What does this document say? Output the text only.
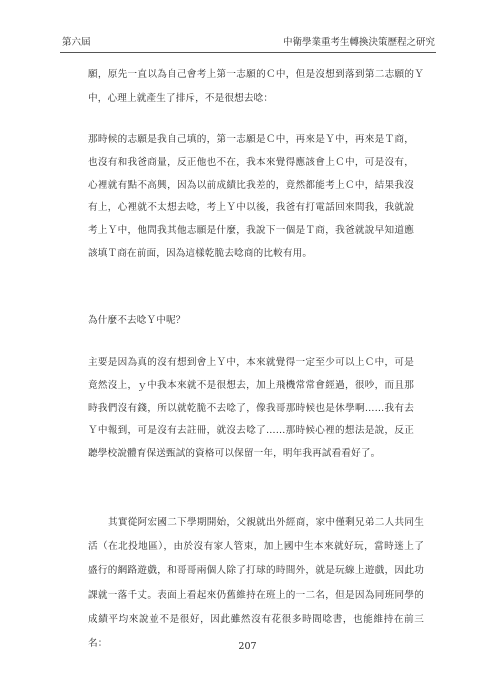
第六屆	中衛學業重考生轉換決策歷程之研究

願，原先一直以為自己會考上第一志願的Ｃ中，但是沒想到落到第二志願的Ｙ中，心理上就產生了排斥，不是很想去唸：

那時候的志願是我自己填的，第一志願是Ｃ中，再來是Ｙ中，再來是Ｔ商，也沒有和我爸商量，反正他也不在，我本來覺得應該會上Ｃ中，可是沒有，心裡就有點不高興，因為以前成績比我差的，竟然都能考上Ｃ中，結果我沒有上，心裡就不太想去唸，考上Ｙ中以後，我爸有打電話回來問我，我就說考上Ｙ中，他問我其他志願是什麼，我說下一個是Ｔ商，我爸就說早知道應該填Ｔ商在前面，因為這樣乾脆去唸商的比較有用。

為什麼不去唸Ｙ中呢？

主要是因為真的沒有想到會上Ｙ中，本來就覺得一定至少可以上Ｃ中，可是竟然沒上，ｙ中我本來就不是很想去，加上飛機常常會經過，很吵，而且那時我們沒有錢，所以就乾脆不去唸了，像我哥那時候也是休學啊……我有去Ｙ中報到，可是沒有去註冊，就沒去唸了……那時候心裡的想法是說，反正聽學校說體育保送甄試的資格可以保留一年，明年我再試看看好了。

其實從阿宏國二下學期開始，父親就出外經商，家中僅剩兄弟二人共同生活（在北投地區），由於沒有家人管束，加上國中生本來就好玩，當時迷上了盛行的網路遊戲，和哥哥兩個人除了打球的時間外，就是玩線上遊戲，因此功課就一落千丈。表面上看起來仍舊維持在班上的一二名，但是因為同班同學的成績平均來說並不是很好，因此雖然沒有花很多時間唸書，也能維持在前三名：	207
